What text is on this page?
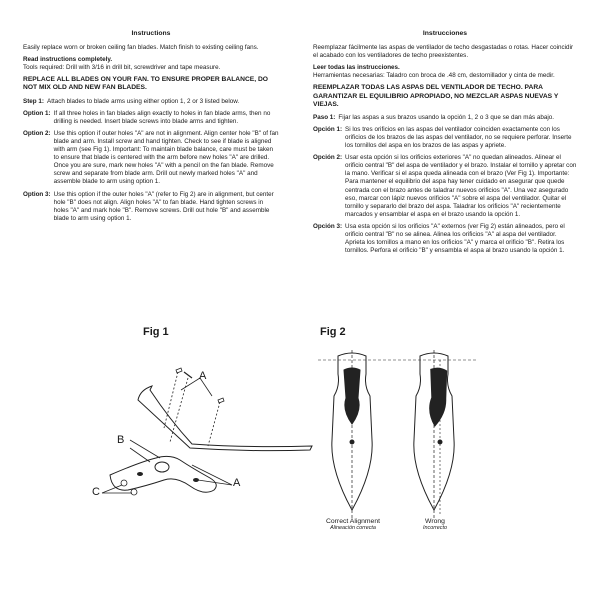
Instructions
Easily replace worn or broken ceiling fan blades. Match finish to existing ceiling fans.
Read instructions completely.
Tools required: Drill with 3/16 in drill bit, screwdriver and tape measure.
REPLACE ALL BLADES ON YOUR FAN. TO ENSURE PROPER BALANCE, DO NOT MIX OLD AND NEW FAN BLADES.
Step 1: Attach blades to blade arms using either option 1, 2 or 3 listed below.
Option 1: If all three holes in fan blades align exactly to holes in fan blade arms, then no drilling is needed. Insert blade screws into blade arms and tighten.
Option 2: Use this option if outer holes "A" are not in alignment. Align center hole "B" of fan blade and arm. Install screw and hand tighten. Check to see if blade is aligned with arm (see Fig 1). Important: To maintain blade balance, care must be taken to ensure that blade is centered with the arm before new holes "A" are drilled. Once you are sure, mark new holes "A" with a pencil on the fan blade. Remove screw and separate from blade arm. Drill out newly marked holes "A" and assemble blade to arm using option 1.
Option 3: Use this option if the outer holes "A" (refer to Fig 2) are in alignment, but center hole "B" does not align. Align holes "A" to fan blade. Hand tighten screws in holes "A" and mark hole "B". Remove screws. Drill out hole "B" and assemble blade to arm using option 1.
Instrucciones
Reemplazar fácilmente las aspas de ventilador de techo desgastadas o rotas. Hacer coincidir el acabado con los ventiladores de techo preexistentes.
Leer todas las instrucciones.
Herramientas necesarias: Taladro con broca de .48 cm, destornillador y cinta de medir.
REEMPLAZAR TODAS LAS ASPAS DEL VENTILADOR DE TECHO. PARA GARANTIZAR EL EQUILIBRIO APROPIADO, NO MEZCLAR ASPAS NUEVAS Y VIEJAS.
Paso 1: Fijar las aspas a sus brazos usando la opción 1, 2 o 3 que se dan más abajo.
Opción 1: Si los tres orificios en las aspas del ventilador coinciden exactamente con los orificios de los brazos de las aspas del ventilador, no se requiere perforar. Inserte los tornillos del aspa en los brazos de las aspas y apriete.
Opción 2: Usar esta opción si los orificios exteriores "A" no quedan alineados. Alinear el orificio central "B" del aspa de ventilador y el brazo. Instalar el tornillo y apretar con la mano. Verificar si el aspa queda alineada con el brazo (Ver Fig 1). Importante: Para mantener el equilibrio del aspa hay tener cuidado en asegurar que quede centrada con el brazo antes de taladrar nuevos orificios "A". Una vez asegurado eso, marcar con lápiz nuevos orificios "A" sobre el aspa del ventilador. Quitar el tornillo y separarlo del brazo del aspa. Taladrar los orificios "A" recientemente marcados y ensamblar el aspa en el brazo usando la opción 1.
Opción 3: Usa esta opción si los orificios "A" externos (ver Fig 2) están alineados, pero el orificio central "B" no se alinea. Alinea los orificios "A" al aspa del ventilador. Aprieta los tornillos a mano en los orificios "A" y marca el orificio "B". Retira los tornillos. Perfora el orificio "B" y ensambla el aspa al brazo usando la opción 1.
Fig 1
A
B
A
C
Fig 2
Correct Alignment
Alineación correcta
Wrong
Incorrecto
